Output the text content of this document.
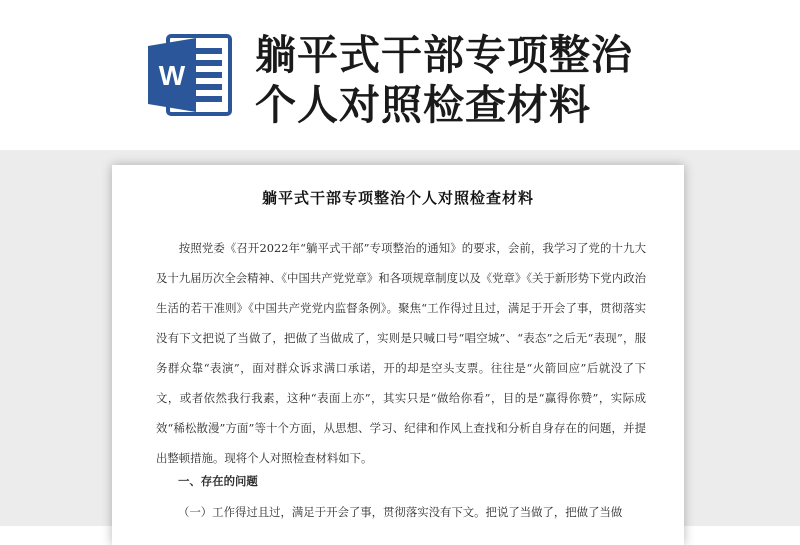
W 躺平式干部专项整治
个人对照检查材料
躺平式干部专项整治个人对照检查材料
按照党委《召开2022年“躺平式干部”专项整治的通知》的要求，会前，我学习了党的十九大及十九届历次全会精神、《中国共产党党章》和各项规章制度以及《党章》《关于新形势下党内政治生活的若干准则》《中国共产党党内监督条例》。聚焦“工作得过且过，满足于开会了事，贯彻落实没有下文把说了当做了，把做了当做成了，实则是只喊口号“唱空城”、“表态”之后无“表现”，服务群众靠“表演”，面对群众诉求满口承诺，开的却是空头支票。往往是“火箭回应”后就没了下文，或者依然我行我素，这种“表面上亦”，其实只是“做给你看”，目的是“赢得你赞”，实际成效“稀松散漫”方面”等十个方面，从思想、学习、纪律和作风上查找和分析自身存在的问题，并提出整顿措施。现将个人对照检查材料如下。
一、存在的问题
（一）工作得过且过，满足于开会了事，贯彻落实没有下文。把说了当做了，把做了当做
